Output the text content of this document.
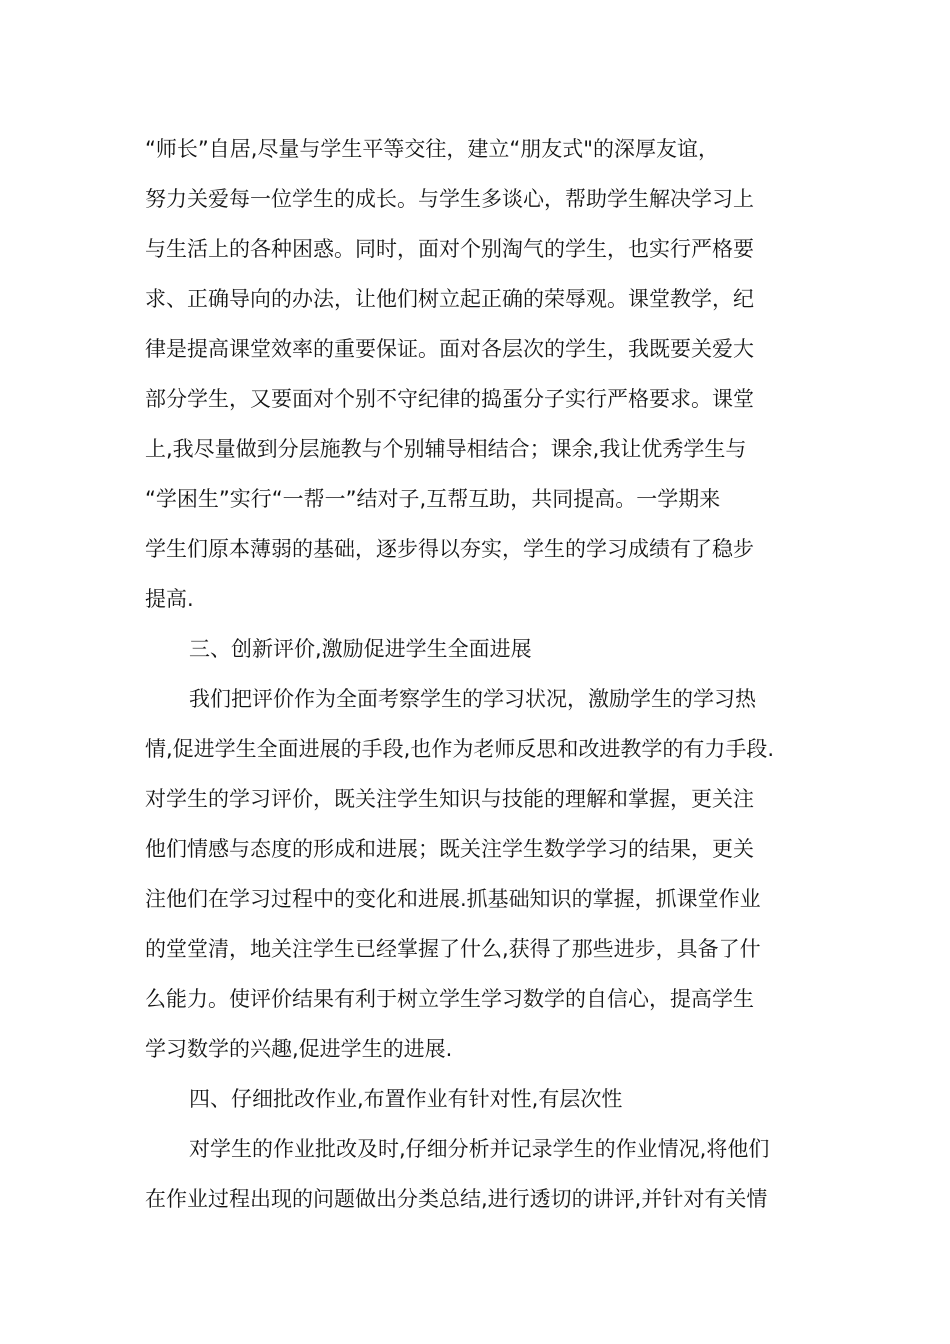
“师长”自居,尽量与学生平等交往，建立“朋友式"的深厚友谊，
努力关爱每一位学生的成长。与学生多谈心，帮助学生解决学习上
与生活上的各种困惑。同时，面对个别淘气的学生，也实行严格要
求、正确导向的办法，让他们树立起正确的荣辱观。课堂教学，纪
律是提高课堂效率的重要保证。面对各层次的学生，我既要关爱大
部分学生，又要面对个别不守纪律的捣蛋分子实行严格要求。课堂
上,我尽量做到分层施教与个别辅导相结合；课余,我让优秀学生与
“学困生”实行“一帮一”结对子,互帮互助，共同提高。一学期来
学生们原本薄弱的基础，逐步得以夯实，学生的学习成绩有了稳步
提高.
三、创新评价,激励促进学生全面进展
我们把评价作为全面考察学生的学习状况，激励学生的学习热
情,促进学生全面进展的手段,也作为老师反思和改进教学的有力手段.
对学生的学习评价，既关注学生知识与技能的理解和掌握，更关注
他们情感与态度的形成和进展；既关注学生数学学习的结果，更关
注他们在学习过程中的变化和进展.抓基础知识的掌握，抓课堂作业
的堂堂清，地关注学生已经掌握了什么,获得了那些进步，具备了什
么能力。使评价结果有利于树立学生学习数学的自信心，提高学生
学习数学的兴趣,促进学生的进展.
四、仔细批改作业,布置作业有针对性,有层次性
对学生的作业批改及时,仔细分析并记录学生的作业情况,将他们
在作业过程出现的问题做出分类总结,进行透切的讲评,并针对有关情
